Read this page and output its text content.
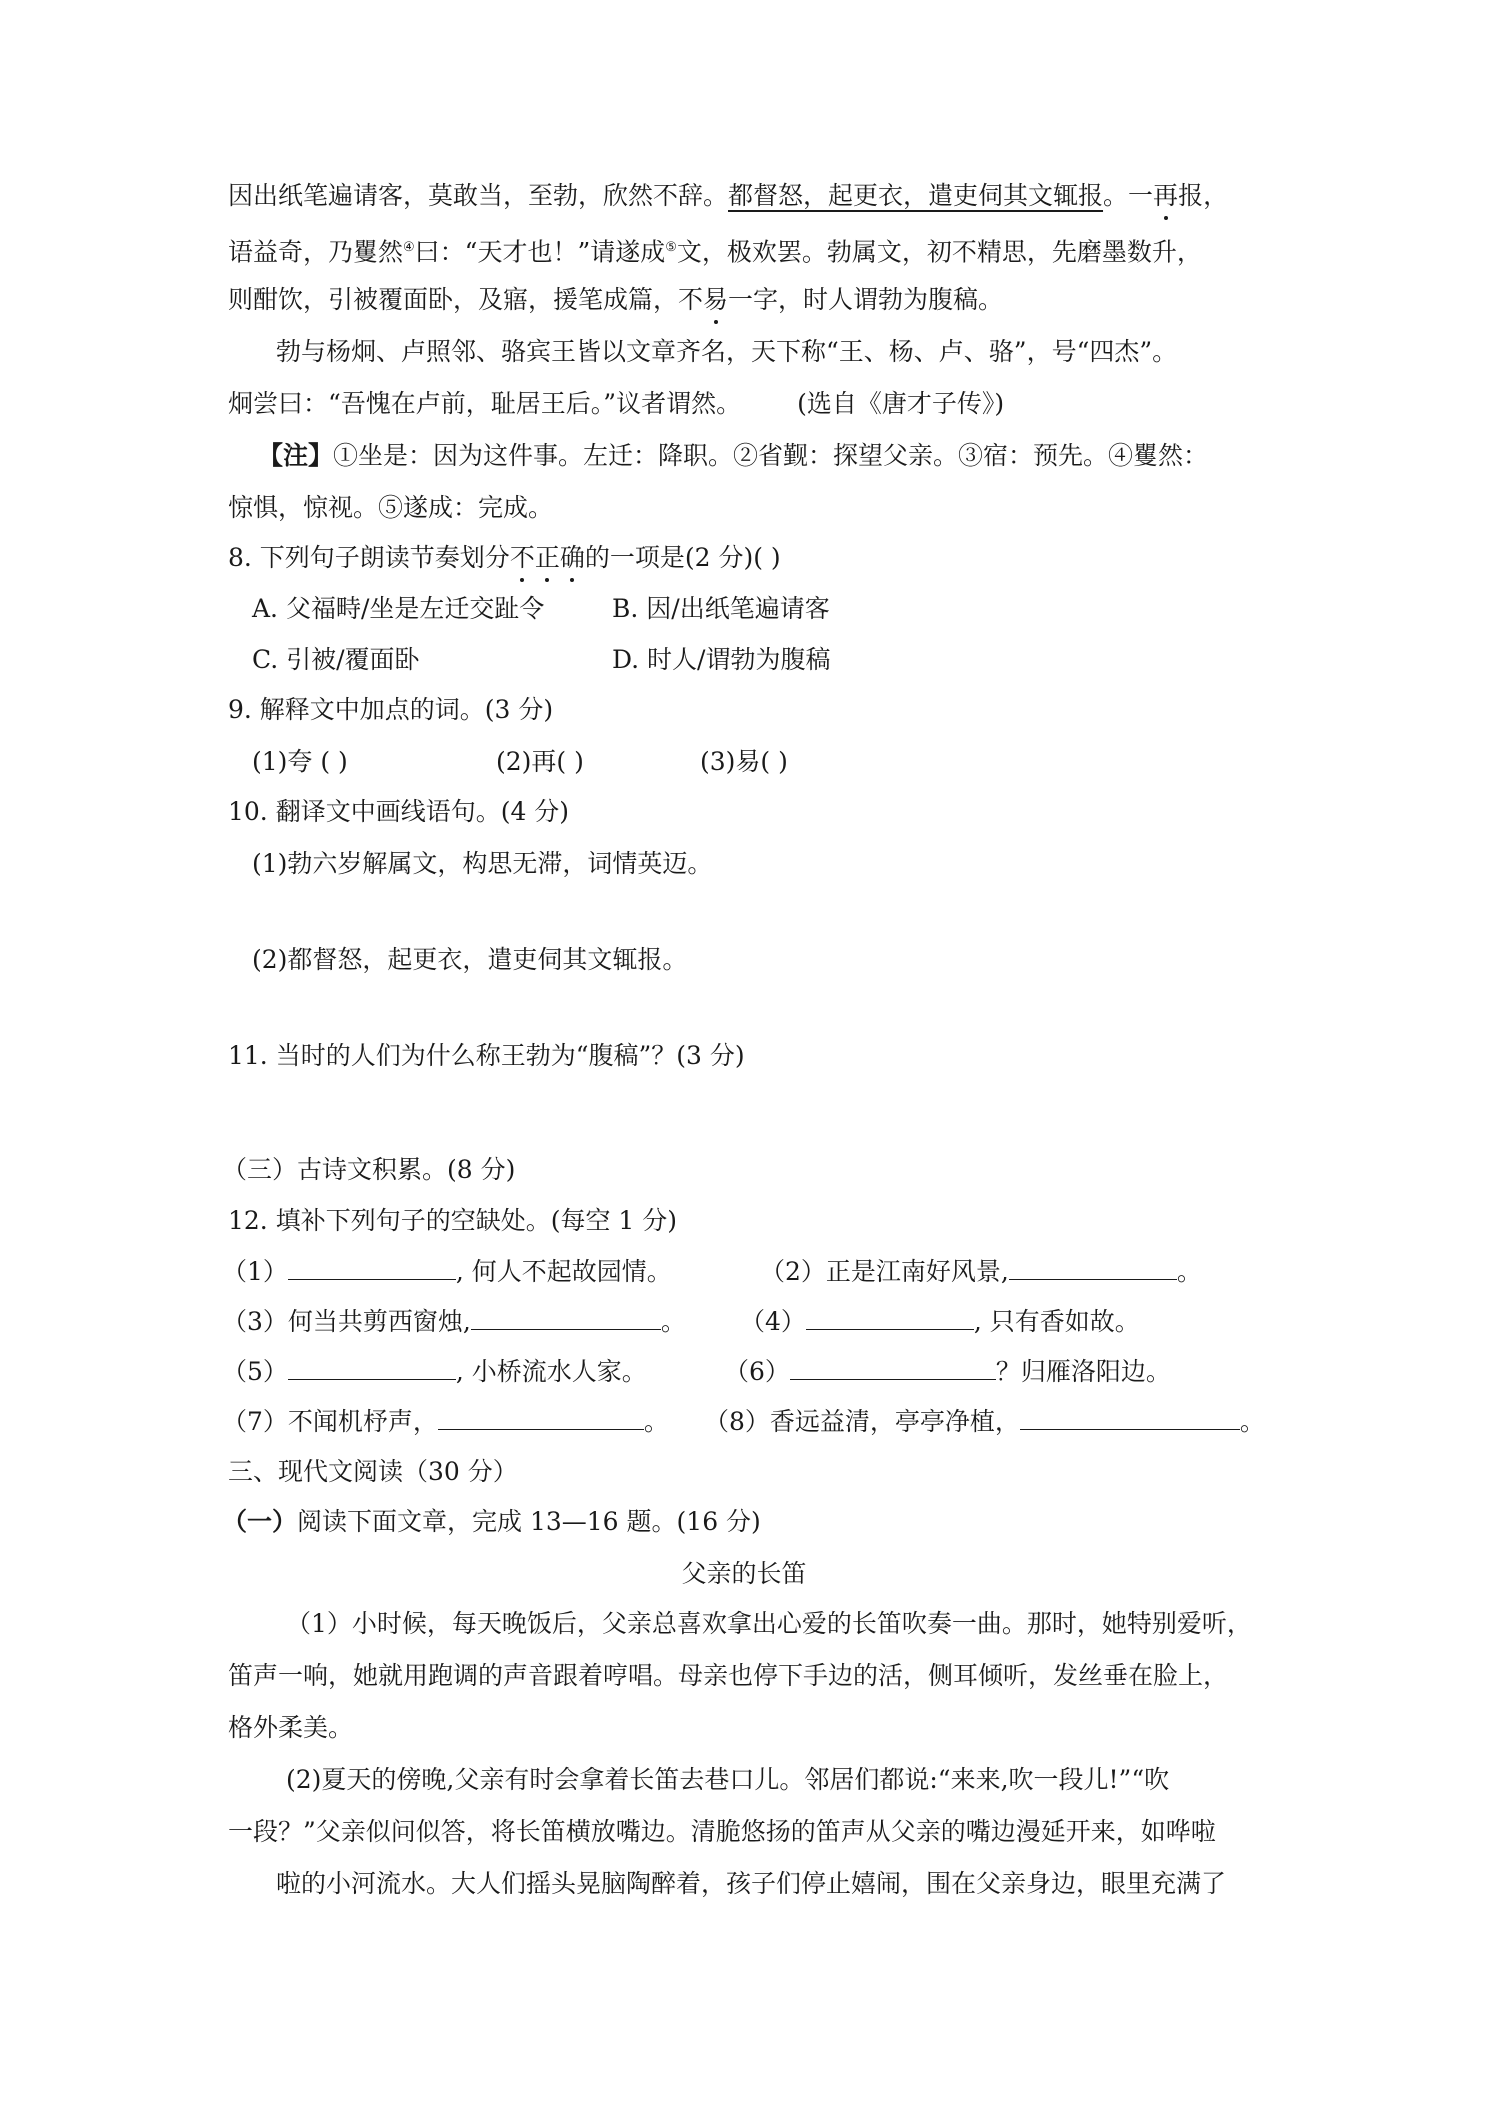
因出纸笔遍请客，莫敢当，至勃，欣然不辞。都督怒，起更衣，遣吏伺其文辄报。一再报，
语益奇，乃矍然④曰：“天才也！”请遂成⑤文，极欢罢。勃属文，初不精思，先磨墨数升，
则酣饮，引被覆面卧，及寤，援笔成篇，不易一字，时人谓勃为腹稿。
勃与杨炯、卢照邻、骆宾王皆以文章齐名，天下称“王、杨、卢、骆”，号“四杰”。
炯尝曰：“吾愧在卢前，耻居王后。”议者谓然。 (选自《唐才子传》)
【注】①坐是：因为这件事。左迁：降职。②省觐：探望父亲。③宿：预先。④矍然：
惊惧，惊视。⑤遂成：完成。
8. 下列句子朗读节奏划分不正确的一项是(2 分)( )
A. 父福畤/坐是左迁交趾令	B. 因/出纸笔遍请客
C. 引被/覆面卧	D. 时人/谓勃为腹稿
9. 解释文中加点的词。(3 分)
(1)夸 ( )	(2)再( )	(3)易( )
10. 翻译文中画线语句。(4 分)
(1)勃六岁解属文，构思无滞，词情英迈。
(2)都督怒，起更衣，遣吏伺其文辄报。
11. 当时的人们为什么称王勃为“腹稿”？(3 分)
（三）古诗文积累。(8 分)
12. 填补下列句子的空缺处。(每空 1 分)
（1）	, 何人不起故园情。	（2）正是江南好风景,	。
（3）何当共剪西窗烛,	。 （4）	, 只有香如故。
（5）	, 小桥流水人家。	（6）	？归雁洛阳边。
（7）不闻机杼声，	。 （8）香远益清，亭亭净植，	。
三、现代文阅读（30 分）
（一）阅读下面文章，完成 13—16 题。(16 分)
父亲的长笛
（1）小时候，每天晚饭后，父亲总喜欢拿出心爱的长笛吹奏一曲。那时，她特别爱听，
笛声一响，她就用跑调的声音跟着哼唱。母亲也停下手边的活，侧耳倾听，发丝垂在脸上，
格外柔美。
(2)夏天的傍晚,父亲有时会拿着长笛去巷口儿。邻居们都说:“来来,吹一段儿!”“吹
一段？”父亲似问似答，将长笛横放嘴边。清脆悠扬的笛声从父亲的嘴边漫延开来，如哗啦
啦的小河流水。大人们摇头晃脑陶醉着，孩子们停止嬉闹，围在父亲身边，眼里充满了
